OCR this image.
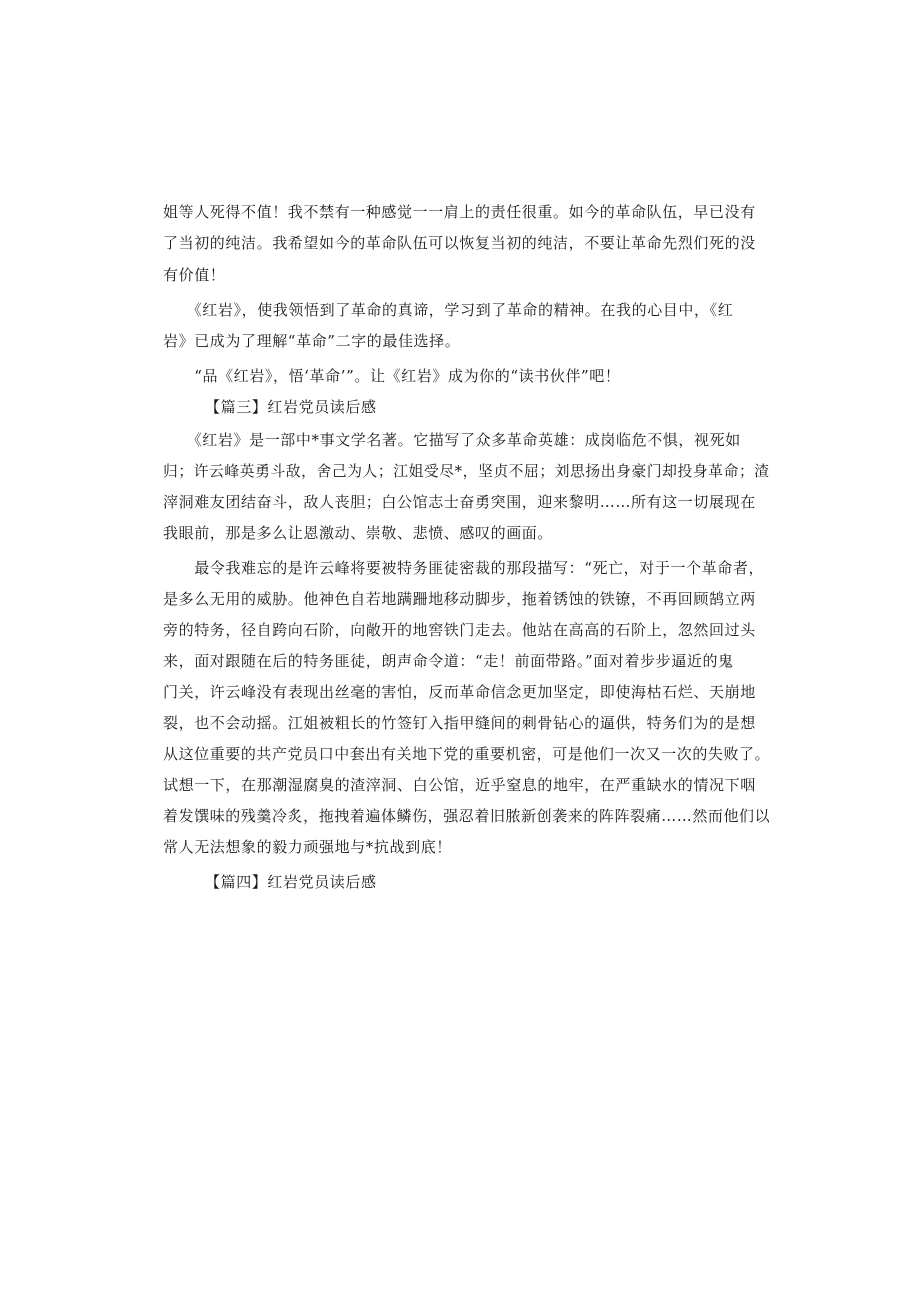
姐等人死得不值！我不禁有一种感觉一一肩上的责任很重。如今的革命队伍，早已没有
了当初的纯洁。我希望如今的革命队伍可以恢复当初的纯洁，不要让革命先烈们死的没
有价值！
　　《红岩》，使我领悟到了革命的真谛，学习到了革命的精神。在我的心目中，《红
岩》已成为了理解“革命”二字的最佳选择。
　　“品《红岩》，悟‘革命’”。让《红岩》成为你的“读书伙伴”吧！
【篇三】红岩党员读后感
　　《红岩》是一部中*事文学名著。它描写了众多革命英雄：成岗临危不惧，视死如
归；许云峰英勇斗敌，舍己为人；江姐受尽*，坚贞不屈；刘思扬出身豪门却投身革命；渣
滓洞难友团结奋斗，敌人丧胆；白公馆志士奋勇突围，迎来黎明……所有这一切展现在
我眼前，那是多么让恩激动、崇敬、悲愤、感叹的画面。
　　最令我难忘的是许云峰将要被特务匪徒密裁的那段描写：“死亡，对于一个革命者，
是多么无用的威胁。他神色自若地蹒跚地移动脚步，拖着锈蚀的铁镣，不再回顾鹄立两
旁的特务，径自跨向石阶，向敞开的地窖铁门走去。他站在高高的石阶上，忽然回过头
来，面对跟随在后的特务匪徒，朗声命令道：“走！前面带路。”面对着步步逼近的鬼
门关，许云峰没有表现出丝毫的害怕，反而革命信念更加坚定，即使海枯石烂、天崩地
裂，也不会动摇。江姐被粗长的竹签钉入指甲缝间的刺骨钻心的逼供，特务们为的是想
从这位重要的共产党员口中套出有关地下党的重要机密，可是他们一次又一次的失败了。
试想一下，在那潮湿腐臭的渣滓洞、白公馆，近乎窒息的地牢，在严重缺水的情况下咽
着发馔味的残羹冷炙，拖拽着遍体鳞伤，强忍着旧脓新创袭来的阵阵裂痛……然而他们以
常人无法想象的毅力顽强地与*抗战到底！
【篇四】红岩党员读后感
